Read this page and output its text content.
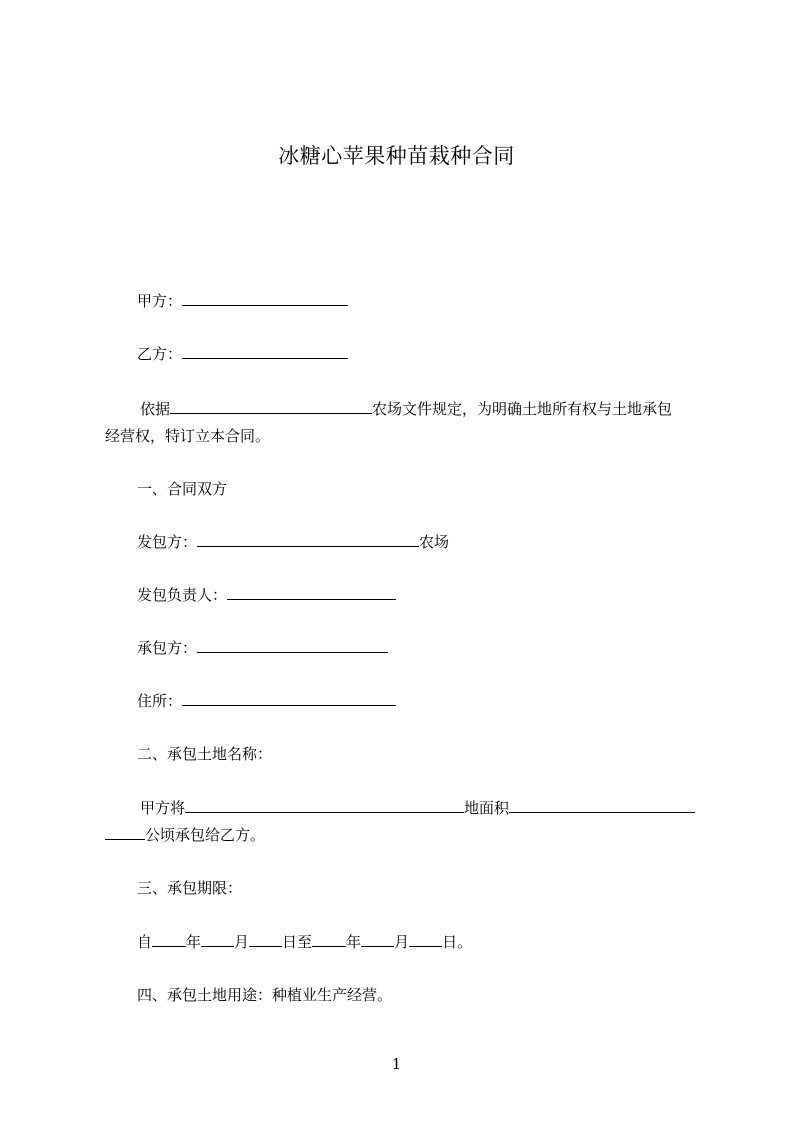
冰糖心苹果种苗栽种合同
甲方：
乙方：
依据	农场文件规定，为明确土地所有权与土地承包
经营权，特订立本合同。
一、合同双方
发包方：	农场
发包负责人：
承包方：
住所：
二、承包土地名称：
甲方将	地面积
公顷承包给乙方。
三、承包期限：
自 年 月 日至 年 月 日。
四、承包土地用途：种植业生产经营。
1
